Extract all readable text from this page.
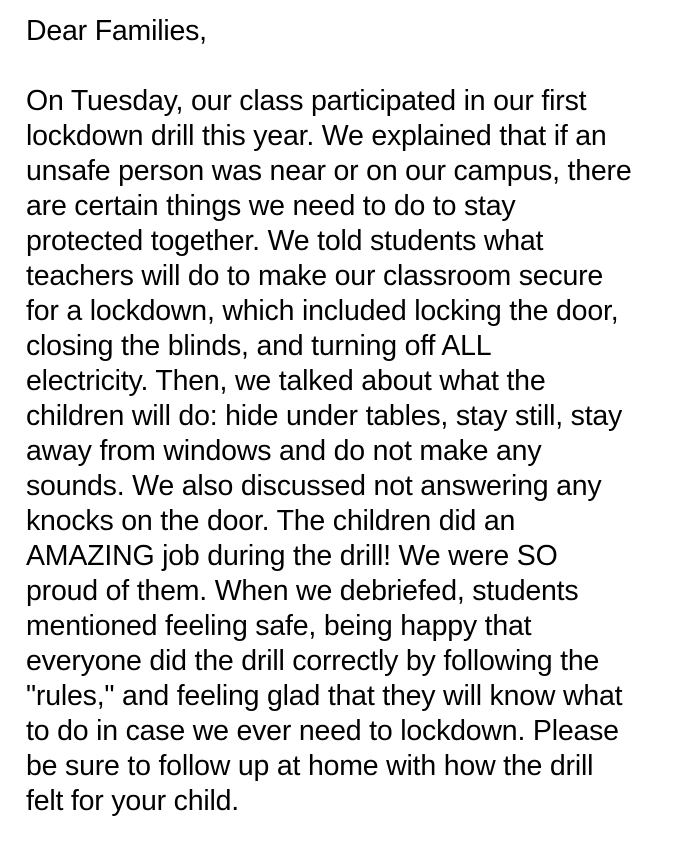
Dear Families,
On Tuesday, our class participated in our first
lockdown drill this year. We explained that if an
unsafe person was near or on our campus, there
are certain things we need to do to stay
protected together. We told students what
teachers will do to make our classroom secure
for a lockdown, which included locking the door,
closing the blinds, and turning off ALL
electricity. Then, we talked about what the
children will do: hide under tables, stay still, stay
away from windows and do not make any
sounds. We also discussed not answering any
knocks on the door. The children did an
AMAZING job during the drill! We were SO
proud of them. When we debriefed, students
mentioned feeling safe, being happy that
everyone did the drill correctly by following the
"rules," and feeling glad that they will know what
to do in case we ever need to lockdown. Please
be sure to follow up at home with how the drill
felt for your child.
